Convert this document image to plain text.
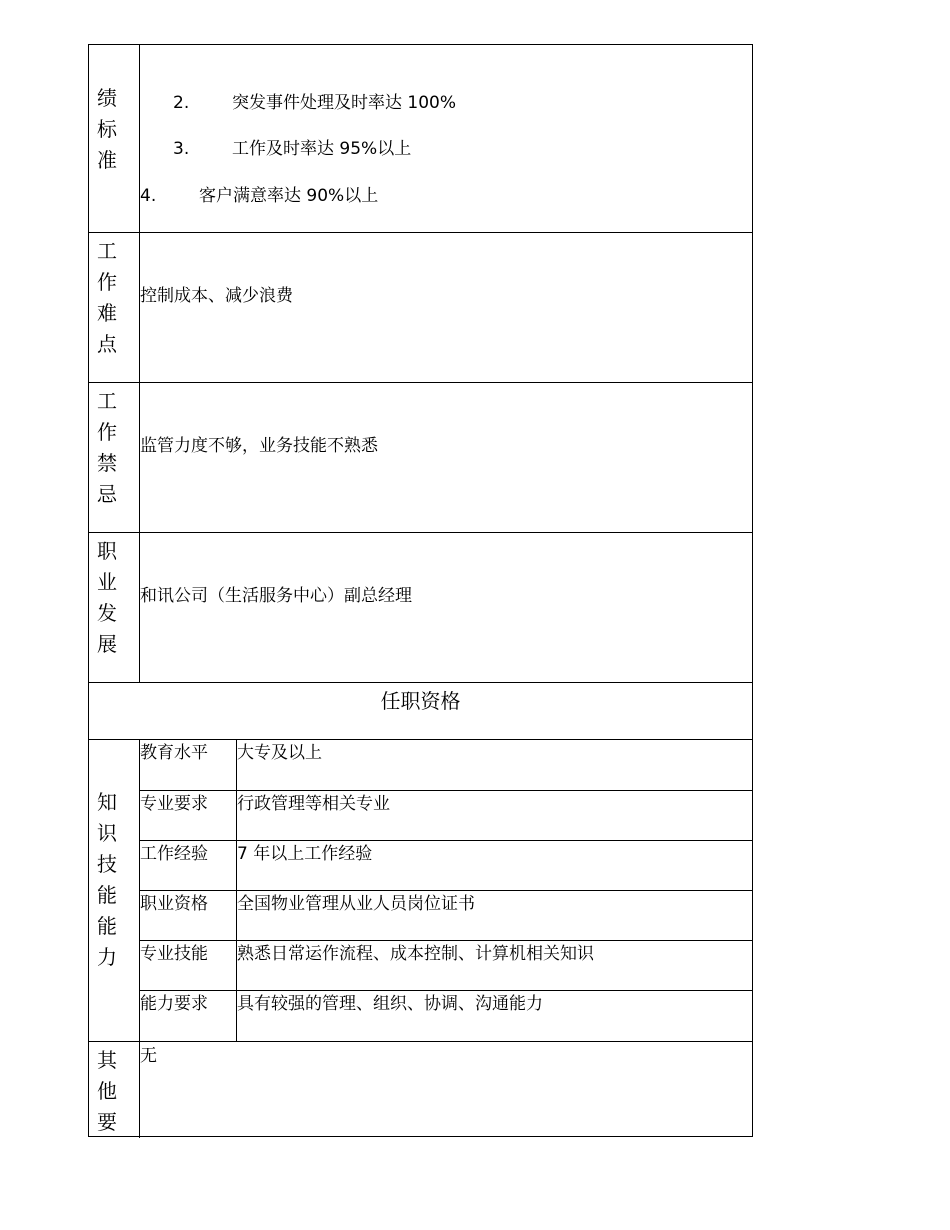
绩标准
2.	突发事件处理及时率达 100%
3.	工作及时率达 95%以上
4.	客户满意率达 90%以上
工作难点
控制成本、减少浪费
工作禁忌
监管力度不够，业务技能不熟悉
职业发展
和讯公司（生活服务中心）副总经理
任职资格
知识技能能力
教育水平 大专及以上
专业要求 行政管理等相关专业
工作经验 7 年以上工作经验
职业资格 全国物业管理从业人员岗位证书
专业技能 熟悉日常运作流程、成本控制、计算机相关知识
能力要求 具有较强的管理、组织、协调、沟通能力
其他要
无
